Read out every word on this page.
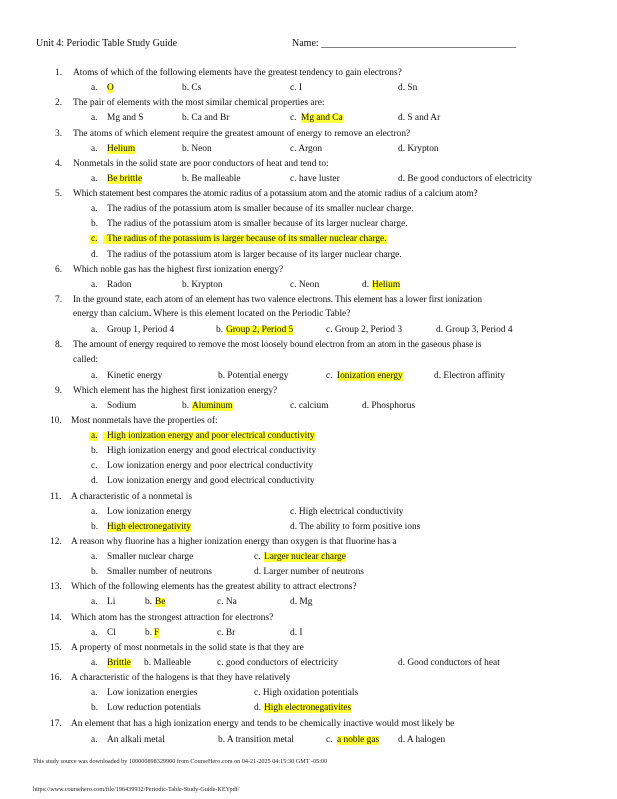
Unit 4: Periodic Table Study Guide	Name: _______________________________________
1. Atoms of which of the following elements have the greatest tendency to gain electrons?
a. O	b. Cs	c. I	d. Sn
2. The pair of elements with the most similar chemical properties are:
a. Mg and S	b. Ca and Br	c. Mg and Ca	d. S and Ar
3. The atoms of which element require the greatest amount of energy to remove an electron?
a. Helium	b. Neon	c. Argon	d. Krypton
4. Nonmetals in the solid state are poor conductors of heat and tend to:
a. Be brittle	b. Be malleable	c. have luster	d. Be good conductors of electricity
5. Which statement best compares the atomic radius of a potassium atom and the atomic radius of a calcium atom?
a. The radius of the potassium atom is smaller because of its smaller nuclear charge.
b. The radius of the potassium atom is smaller because of its larger nuclear charge.
c.	The radius of the potassium is larger because of its smaller nuclear charge.
d. The radius of the potassium atom is larger because of its larger nuclear charge.
6. Which noble gas has the highest first ionization energy?
a. Radon	b. Krypton	c. Neon	d. Helium
7. In the ground state, each atom of an element has two valence electrons. This element has a lower first ionization
energy than calcium. Where is this element located on the Periodic Table?
a. Group 1, Period 4	b. Group 2, Period 5	c. Group 2, Period 3	d. Group 3, Period 4
8. The amount of energy required to remove the most loosely bound electron from an atom in the gaseous phase is
called:
a. Kinetic energy	b. Potential energy	c. Ionization energy	d. Electron affinity
9. Which element has the highest first ionization energy?
a. Sodium	b. Aluminum	c. calcium	d. Phosphorus
10. Most nonmetals have the properties of:
a.	High ionization energy and poor electrical conductivity
b. High ionization energy and good electrical conductivity
c. Low ionization energy and poor electrical conductivity
d. Low ionization energy and good electrical conductivity
11. A characteristic of a nonmetal is
a. Low ionization energy	c. High electrical conductivity
b. High electronegativity	d. The ability to form positive ions
12. A reason why fluorine has a higher ionization energy than oxygen is that fluorine has a
a. Smaller nuclear charge	c. Larger nuclear charge
b. Smaller number of neutrons	d. Larger number of neutrons
13. Which of the following elements has the greatest ability to attract electrons?
a. Li	b. Be	c. Na	d. Mg
14. Which atom has the strongest attraction for electrons?
a. Cl	b. F	c. Br	d. I
15. A property of most nonmetals in the solid state is that they are
a. Brittle b. Malleable	c. good conductors of electricity	d. Good conductors of heat
16. A characteristic of the halogens is that they have relatively
a. Low ionization energies	c. High oxidation potentials
b. Low reduction potentials	d. High electronegativites
17. An element that has a high ionization energy and tends to be chemically inactive would most likely be
a. An alkali metal	b. A transition metal	c. a noble gas d. A halogen
This study source was downloaded by 100000898329900 from CourseHero.com on 04-21-2025 04:15:30 GMT -05:00
https://www.coursehero.com/file/196439932/Periodic-Table-Study-Guide-KEYpdf/
